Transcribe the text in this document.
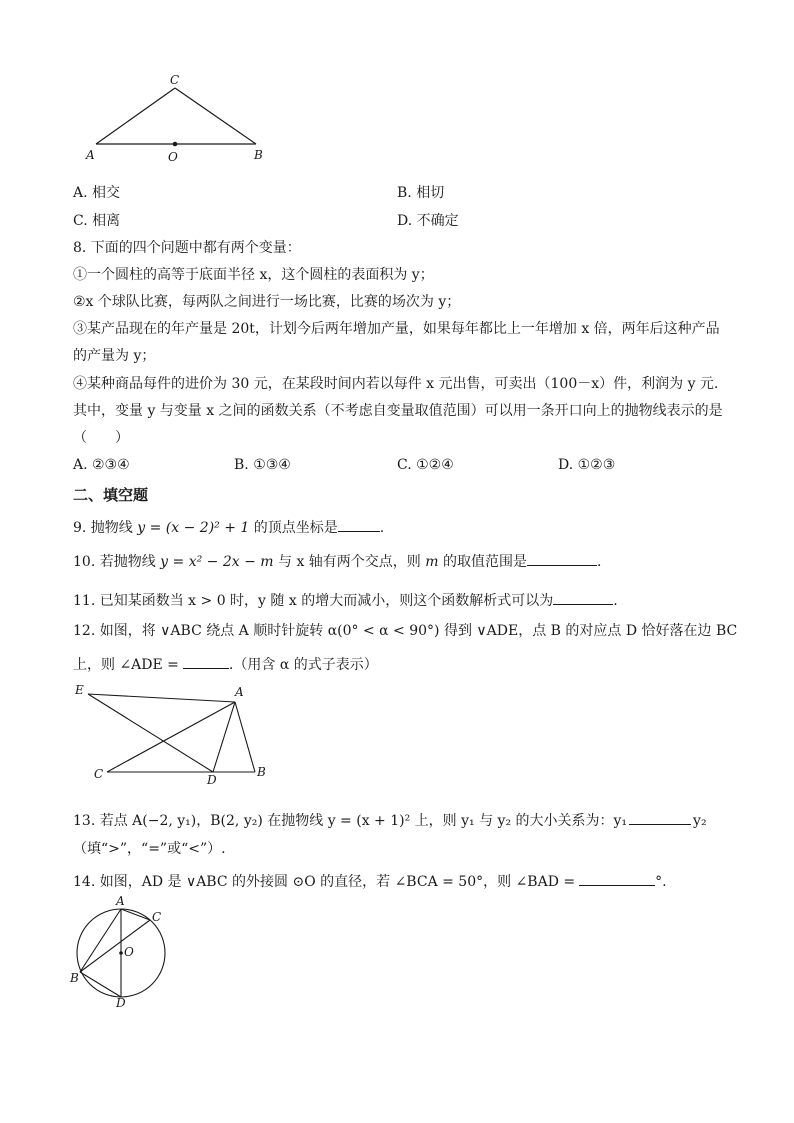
C
A	O	B
A. 相交	B. 相切
C. 相离	D. 不确定
8. 下面的四个问题中都有两个变量：
①一个圆柱的高等于底面半径 x，这个圆柱的表面积为 y；
②x 个球队比赛，每两队之间进行一场比赛，比赛的场次为 y；
③某产品现在的年产量是 20t，计划今后两年增加产量，如果每年都比上一年增加 x 倍，两年后这种产品
的产量为 y；
④某种商品每件的进价为 30 元，在某段时间内若以每件 x 元出售，可卖出（100－x）件，利润为 y 元.
其中，变量 y 与变量 x 之间的函数关系（不考虑自变量取值范围）可以用一条开口向上的抛物线表示的是
（　　）
A. ②③④	B. ①③④	C. ①②④	D. ①②③
二、填空题
9. 抛物线 y = (x − 2)² + 1 的顶点坐标是	.
10. 若抛物线 y = x² − 2x − m 与 x 轴有两个交点，则 m 的取值范围是	.
11. 已知某函数当 x > 0 时，y 随 x 的增大而减小，则这个函数解析式可以为	.
12. 如图，将 ∨ABC 绕点 A 顺时针旋转 α(0° < α < 90°) 得到 ∨ADE，点 B 的对应点 D 恰好落在边 BC
上，则 ∠ADE =	.（用含 α 的式子表示）
E	A
C	D
B
13. 若点 A(−2, y₁)，B(2, y₂) 在抛物线 y = (x + 1)² 上，则 y₁ 与 y₂ 的大小关系为：y₁	y₂
（填“>”，“=”或“<”）.
14. 如图，AD 是 ∨ABC 的外接圆 ⊙O 的直径，若 ∠BCA = 50°，则 ∠BAD =	°.
A
C
O
B
D
